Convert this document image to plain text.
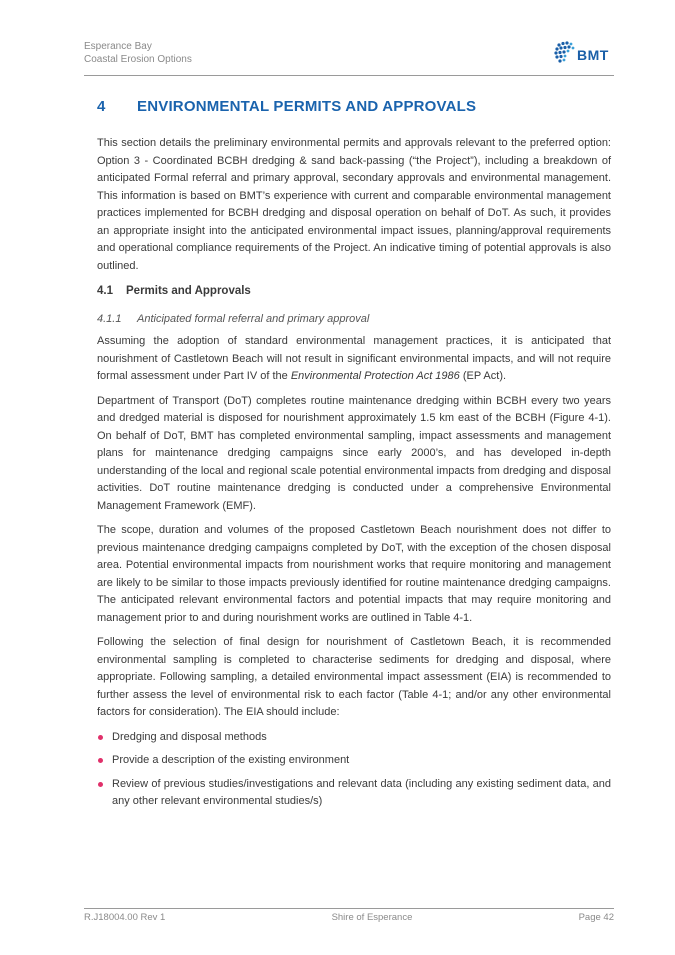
Esperance Bay
Coastal Erosion Options	BMT
4	ENVIRONMENTAL PERMITS AND APPROVALS

This section details the preliminary environmental permits and approvals relevant to the preferred option: Option 3 - Coordinated BCBH dredging & sand back-passing (“the Project”), including a breakdown of anticipated Formal referral and primary approval, secondary approvals and environmental management. This information is based on BMT’s experience with current and comparable environmental management practices implemented for BCBH dredging and disposal operation on behalf of DoT. As such, it provides an appropriate insight into the anticipated environmental impact issues, planning/approval requirements and operational compliance requirements of the Project. An indicative timing of potential approvals is also outlined.

4.1	Permits and Approvals
4.1.1	Anticipated formal referral and primary approval

Assuming the adoption of standard environmental management practices, it is anticipated that nourishment of Castletown Beach will not result in significant environmental impacts, and will not require formal assessment under Part IV of the Environmental Protection Act 1986 (EP Act).

Department of Transport (DoT) completes routine maintenance dredging within BCBH every two years and dredged material is disposed for nourishment approximately 1.5 km east of the BCBH (Figure 4-1). On behalf of DoT, BMT has completed environmental sampling, impact assessments and management plans for maintenance dredging campaigns since early 2000’s, and has developed in-depth understanding of the local and regional scale potential environmental impacts from dredging and disposal activities. DoT routine maintenance dredging is conducted under a comprehensive Environmental Management Framework (EMF).

The scope, duration and volumes of the proposed Castletown Beach nourishment does not differ to previous maintenance dredging campaigns completed by DoT, with the exception of the chosen disposal area. Potential environmental impacts from nourishment works that require monitoring and management are likely to be similar to those impacts previously identified for routine maintenance dredging campaigns. The anticipated relevant environmental factors and potential impacts that may require monitoring and management prior to and during nourishment works are outlined in Table 4-1.

Following the selection of final design for nourishment of Castletown Beach, it is recommended environmental sampling is completed to characterise sediments for dredging and disposal, where appropriate. Following sampling, a detailed environmental impact assessment (EIA) is recommended to further assess the level of environmental risk to each factor (Table 4-1; and/or any other environmental factors for consideration). The EIA should include:

Dredging and disposal methods
Provide a description of the existing environment
Review of previous studies/investigations and relevant data (including any existing sediment data, and any other relevant environmental studies/s)
R.J18004.00 Rev 1	Shire of Esperance	Page 42
